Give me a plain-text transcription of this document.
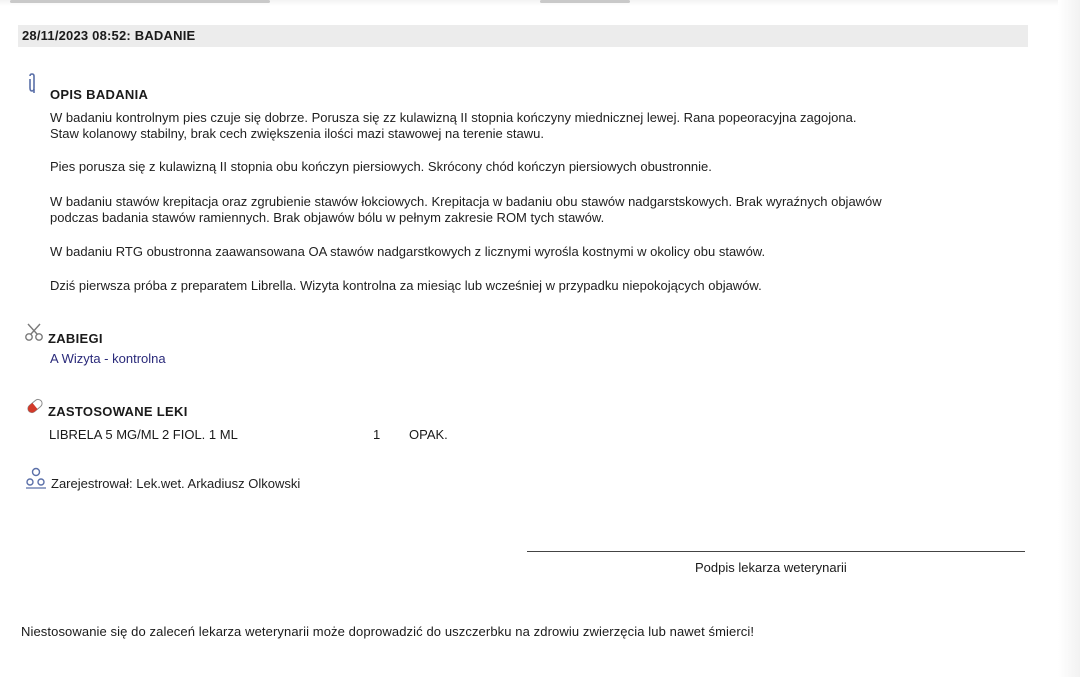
28/11/2023 08:52: BADANIE
OPIS BADANIA
W badaniu kontrolnym pies czuje się dobrze. Porusza się zz kulawizną II stopnia kończyny miednicznej lewej. Rana popeoracyjna zagojona.
Staw kolanowy stabilny, brak cech zwiększenia ilości mazi stawowej na terenie stawu.
Pies porusza się z kulawizną II stopnia obu kończyn piersiowych. Skrócony chód kończyn piersiowych obustronnie.
W badaniu stawów krepitacja oraz zgrubienie stawów łokciowych. Krepitacja w badaniu obu stawów nadgarstskowych. Brak wyraźnych objawów
podczas badania stawów ramiennych. Brak objawów bólu w pełnym zakresie ROM tych stawów.
W badaniu RTG obustronna zaawansowana OA stawów nadgarstkowych z licznymi wyrośla kostnymi w okolicy obu stawów.
Dziś pierwsza próba z preparatem Librella. Wizyta kontrolna za miesiąc lub wcześniej w przypadku niepokojących objawów.
ZABIEGI
A Wizyta - kontrolna
ZASTOSOWANE LEKI
LIBRELA 5 MG/ML 2 FIOL. 1 ML	1 OPAK.
Zarejestrował: Lek.wet. Arkadiusz Olkowski
Podpis lekarza weterynarii
Niestosowanie się do zaleceń lekarza weterynarii może doprowadzić do uszczerbku na zdrowiu zwierzęcia lub nawet śmierci!
